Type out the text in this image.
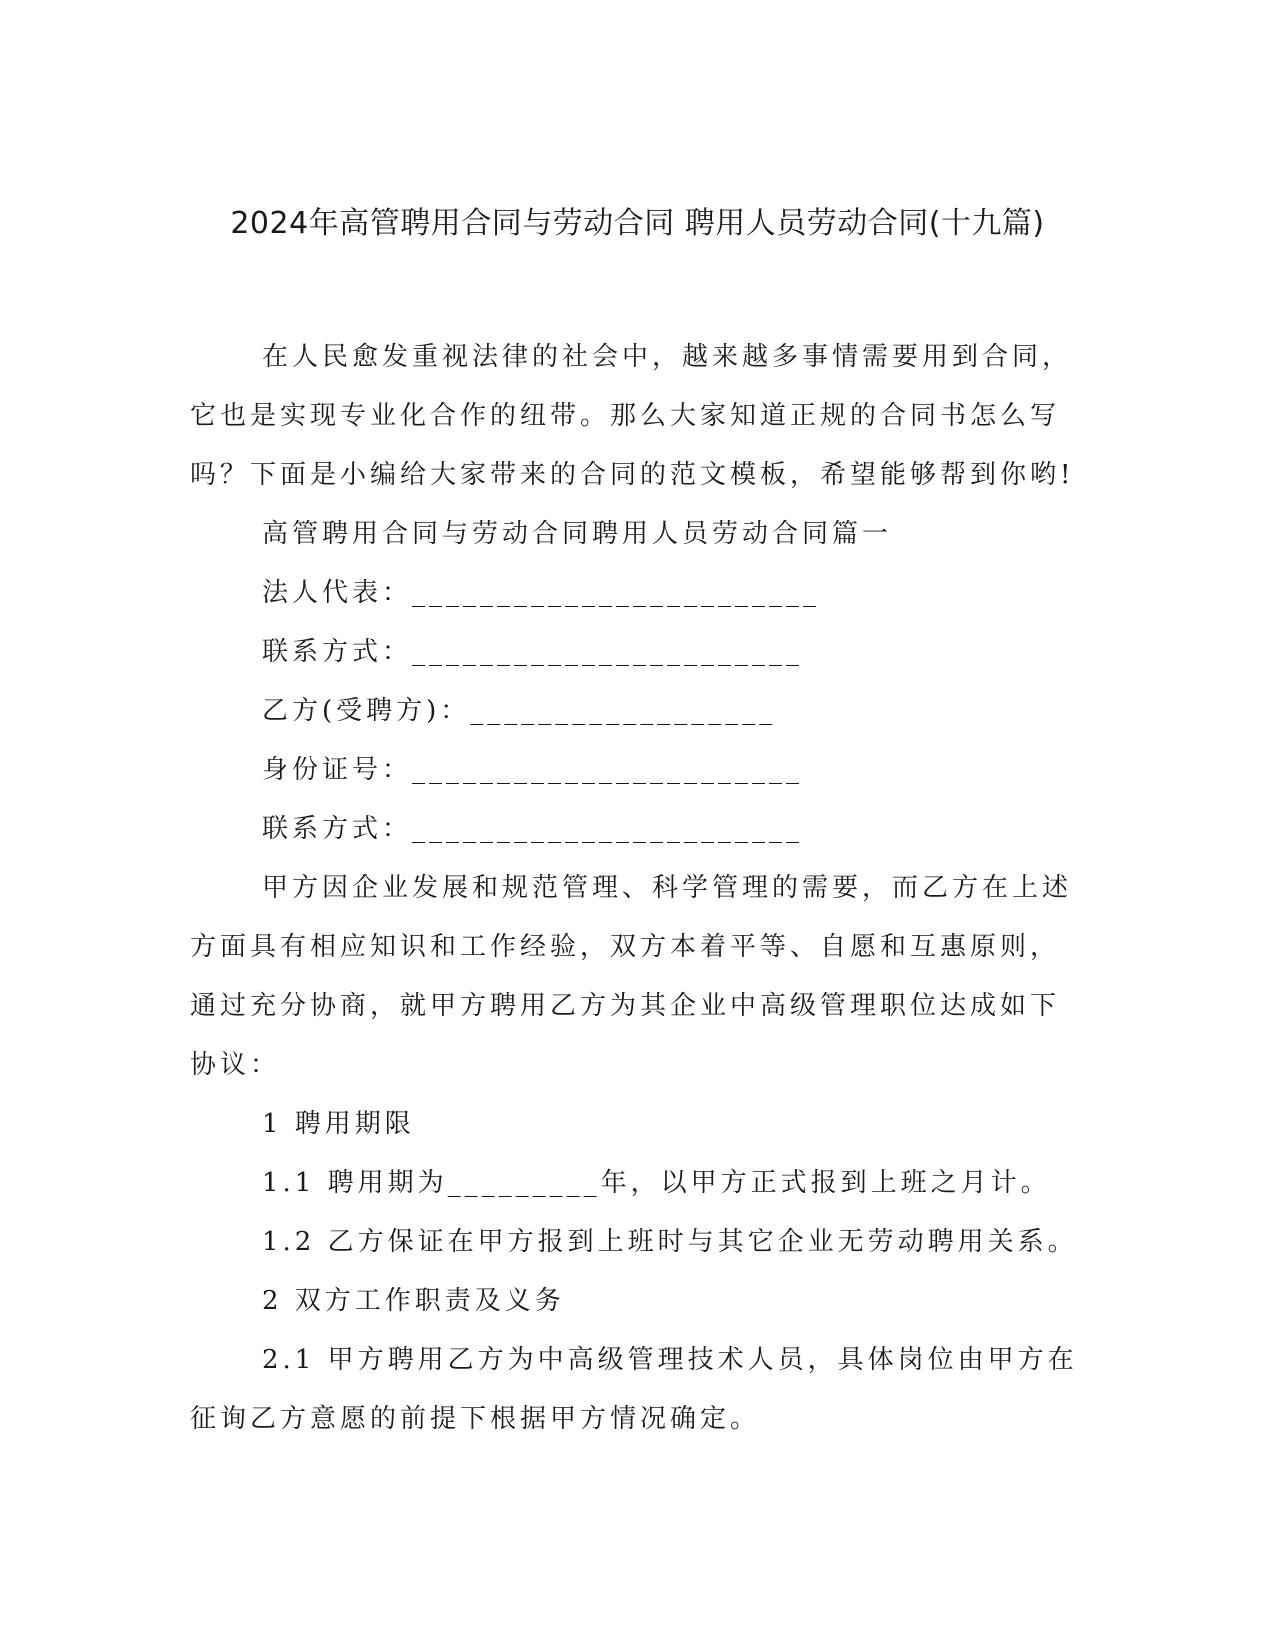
2024年高管聘用合同与劳动合同 聘用人员劳动合同(十九篇)

在人民愈发重视法律的社会中，越来越多事情需要用到合同，它也是实现专业化合作的纽带。那么大家知道正规的合同书怎么写吗？下面是小编给大家带来的合同的范文模板，希望能够帮到你哟!

高管聘用合同与劳动合同聘用人员劳动合同篇一

法人代表：________________________

联系方式：_______________________

乙方(受聘方)：__________________

身份证号：_______________________

联系方式：_______________________

甲方因企业发展和规范管理、科学管理的需要，而乙方在上述方面具有相应知识和工作经验，双方本着平等、自愿和互惠原则，通过充分协商，就甲方聘用乙方为其企业中高级管理职位达成如下协议：

1 聘用期限

1.1 聘用期为_________年，以甲方正式报到上班之月计。

1.2 乙方保证在甲方报到上班时与其它企业无劳动聘用关系。

2 双方工作职责及义务

2.1 甲方聘用乙方为中高级管理技术人员，具体岗位由甲方在征询乙方意愿的前提下根据甲方情况确定。
